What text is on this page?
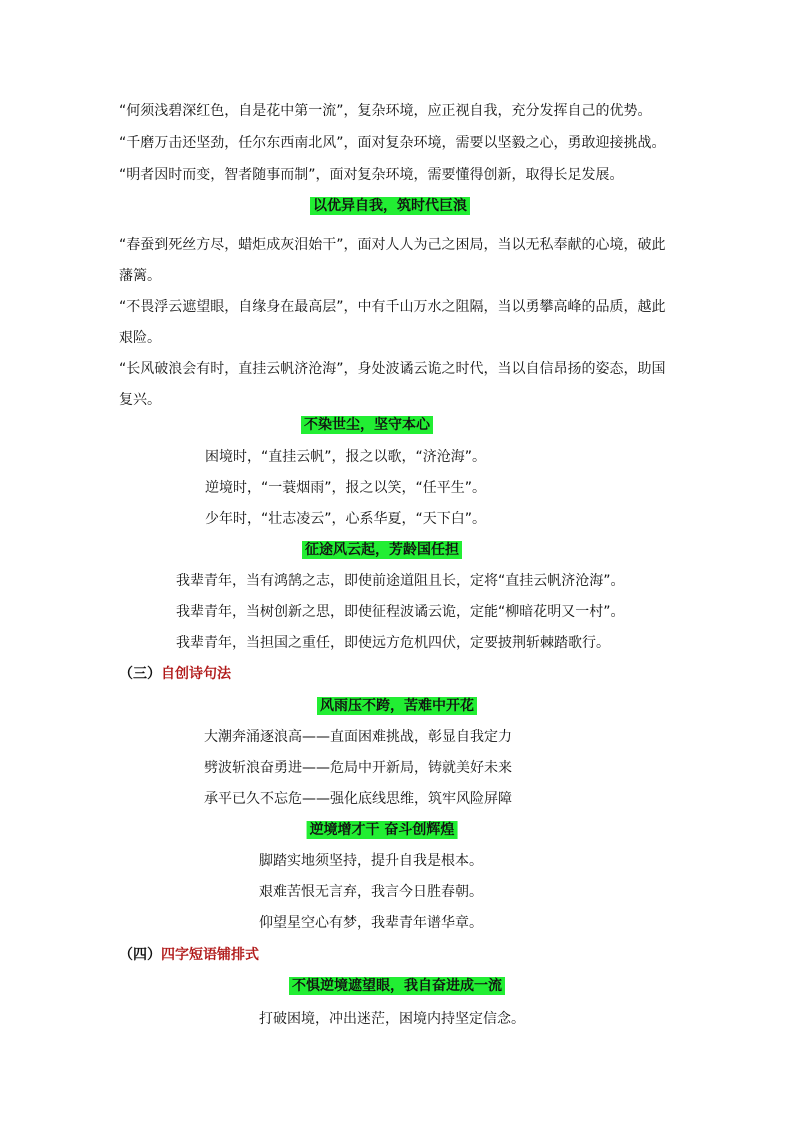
“何须浅碧深红色，自是花中第一流”，复杂环境，应正视自我，充分发挥自己的优势。
“千磨万击还坚劲，任尔东西南北风”，面对复杂环境，需要以坚毅之心，勇敢迎接挑战。
“明者因时而变，智者随事而制”，面对复杂环境，需要懂得创新，取得长足发展。
以优异自我，筑时代巨浪
“春蚕到死丝方尽，蜡炬成灰泪始干”，面对人人为己之困局，当以无私奉献的心境，破此藩篱。
“不畏浮云遮望眼，自缘身在最高层”，中有千山万水之阻隔，当以勇攀高峰的品质，越此艰险。
“长风破浪会有时，直挂云帆济沧海”，身处波谲云诡之时代，当以自信昂扬的姿态，助国复兴。
不染世尘，坚守本心
困境时，“直挂云帆”，报之以歌，“济沧海”。
逆境时，“一蓑烟雨”，报之以笑，“任平生”。
少年时，“壮志凌云”，心系华夏，“天下白”。
征途风云起，芳龄国任担
我辈青年，当有鸿鹄之志，即使前途道阻且长，定将“直挂云帆济沧海”。
我辈青年，当树创新之思，即使征程波谲云诡，定能“柳暗花明又一村”。
我辈青年，当担国之重任，即使远方危机四伏，定要披荆斩棘踏歌行。
（三）自创诗句法
风雨压不跨，苦难中开花
大潮奔涌逐浪高——直面困难挑战，彰显自我定力
劈波斩浪奋勇进——危局中开新局，铸就美好未来
承平已久不忘危——强化底线思维，筑牢风险屏障
逆境增才干 奋斗创辉煌
脚踏实地须坚持，提升自我是根本。
艰难苦恨无言弃，我言今日胜春朝。
仰望星空心有梦，我辈青年谱华章。
（四）四字短语铺排式
不惧逆境遮望眼，我自奋进成一流
打破困境，冲出迷茫，困境内持坚定信念。
